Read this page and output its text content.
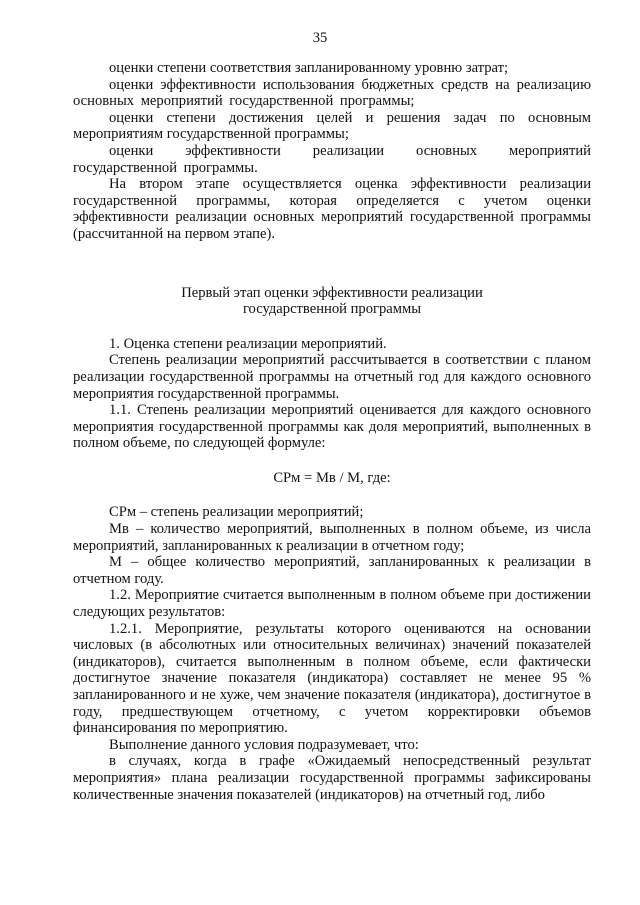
35

оценки степени соответствия запланированному уровню затрат;

оценки эффективности использования бюджетных средств на реализацию основных мероприятий государственной программы;

оценки степени достижения целей и решения задач по основным мероприятиям государственной программы;

оценки эффективности реализации основных мероприятий государственной программы.

На втором этапе осуществляется оценка эффективности реализации государственной программы, которая определяется с учетом оценки эффективности реализации основных мероприятий государственной программы (рассчитанной на первом этапе).

Первый этап оценки эффективности реализации

государственной программы

1. Оценка степени реализации мероприятий.

Степень реализации мероприятий рассчитывается в соответствии с планом реализации государственной программы на отчетный год для каждого основного мероприятия государственной программы.

1.1. Степень реализации мероприятий оценивается для каждого основного мероприятия государственной программы как доля мероприятий, выполненных в полном объеме, по следующей формуле:

СРм = Мв / М, где:

СРм – степень реализации мероприятий;

Мв – количество мероприятий, выполненных в полном объеме, из числа мероприятий, запланированных к реализации в отчетном году;

М – общее количество мероприятий, запланированных к реализации в отчетном году.

1.2. Мероприятие считается выполненным в полном объеме при достижении следующих результатов:

1.2.1. Мероприятие, результаты которого оцениваются на основании числовых (в абсолютных или относительных величинах) значений показателей (индикаторов), считается выполненным в полном объеме, если фактически достигнутое значение показателя (индикатора) составляет не менее 95 % запланированного и не хуже, чем значение показателя (индикатора), достигнутое в году, предшествующем отчетному, с учетом корректировки объемов финансирования по мероприятию.

Выполнение данного условия подразумевает, что:

в случаях, когда в графе «Ожидаемый непосредственный результат мероприятия» плана реализации государственной программы зафиксированы количественные значения показателей (индикаторов) на отчетный год, либо
